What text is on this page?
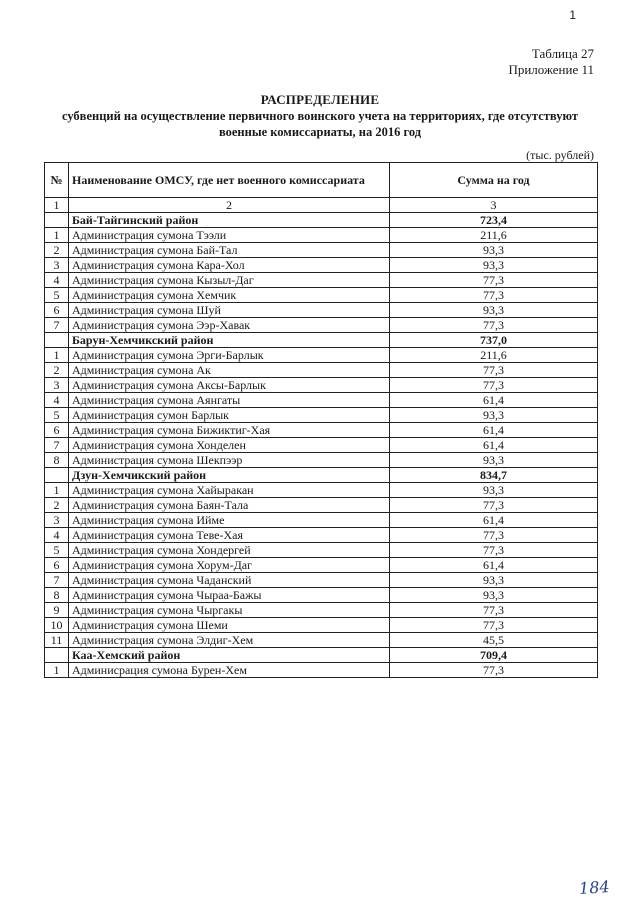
1
Таблица 27
Приложение 11
РАСПРЕДЕЛЕНИЕ
субвенций на осуществление первичного воинского учета на территориях, где отсутствуют
военные комиссариаты, на 2016 год
(тыс. рублей)
№	Наименование ОМСУ, где нет военного комиссариата	Сумма на год
1	2	3
	Бай-Тайгинский район	723,4
1	Администрация сумона Тээли	211,6
2	Администрация сумона Бай-Тал	93,3
3	Администрация сумона Кара-Хол	93,3
4	Администрация сумона Кызыл-Даг	77,3
5	Администрация сумона Хемчик	77,3
6	Администрация сумона Шуй	93,3
7	Администрация сумона Ээр-Хавак	77,3
	Барун-Хемчикский район	737,0
1	Администрация сумона Эрги-Барлык	211,6
2	Администрация сумона Ак	77,3
3	Администрация сумона Аксы-Барлык	77,3
4	Администрация сумона Аянгаты	61,4
5	Администрация сумон Барлык	93,3
6	Администрация сумона Бижиктиг-Хая	61,4
7	Администрация сумона Хонделен	61,4
8	Администрация сумона Шекпээр	93,3
	Дзун-Хемчикский район	834,7
1	Администрация сумона Хайыракан	93,3
2	Администрация сумона Баян-Тала	77,3
3	Администрация сумона Ийме	61,4
4	Администрация сумона Теве-Хая	77,3
5	Администрация сумона Хондергей	77,3
6	Администрация сумона Хорум-Даг	61,4
7	Администрация сумона Чаданский	93,3
8	Администрация сумона Чыраа-Бажы	93,3
9	Администрация сумона Чыргакы	77,3
10	Администрация сумона Шеми	77,3
11	Администрация сумона Элдиг-Хем	45,5
	Каа-Хемский район	709,4
1	Админисрация сумона Бурен-Хем	77,3
184
